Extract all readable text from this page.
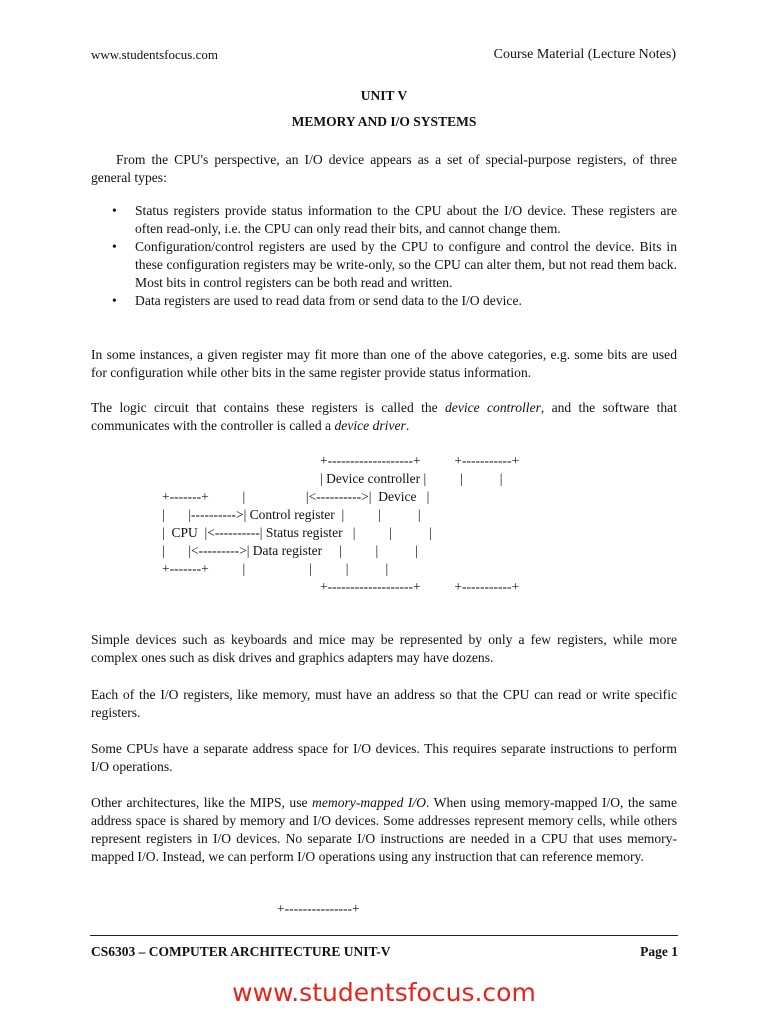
www.studentsfocus.com	Course Material (Lecture Notes)
UNIT V
MEMORY AND I/O SYSTEMS
From the CPU's perspective, an I/O device appears as a set of special-purpose registers, of three general types:
• Status registers provide status information to the CPU about the I/O device. These registers are often read-only, i.e. the CPU can only read their bits, and cannot change them.
• Configuration/control registers are used by the CPU to configure and control the device. Bits in these configuration registers may be write-only, so the CPU can alter them, but not read them back. Most bits in control registers can be both read and written.
• Data registers are used to read data from or send data to the I/O device.
In some instances, a given register may fit more than one of the above categories, e.g. some bits are used for configuration while other bits in the same register provide status information.
The logic circuit that contains these registers is called the device controller, and the software that communicates with the controller is called a device driver.
+-------------------+          +-----------+
| Device controller |          |           |
+-------+          |                  |<---------->|  Device   |
|       |---------->| Control register  |          |           |
|  CPU  |<----------| Status register   |          |           |
|       |<--------->| Data register     |          |           |
+-------+          |                   |          |           |
+-------------------+          +-----------+
Simple devices such as keyboards and mice may be represented by only a few registers, while more complex ones such as disk drives and graphics adapters may have dozens.
Each of the I/O registers, like memory, must have an address so that the CPU can read or write specific registers.
Some CPUs have a separate address space for I/O devices. This requires separate instructions to perform I/O operations.
Other architectures, like the MIPS, use memory-mapped I/O. When using memory-mapped I/O, the same address space is shared by memory and I/O devices. Some addresses represent memory cells, while others represent registers in I/O devices. No separate I/O instructions are needed in a CPU that uses memory-mapped I/O. Instead, we can perform I/O operations using any instruction that can reference memory.
+---------------+
CS6303 – COMPUTER ARCHITECTURE UNIT-V	Page 1
www.studentsfocus.com
